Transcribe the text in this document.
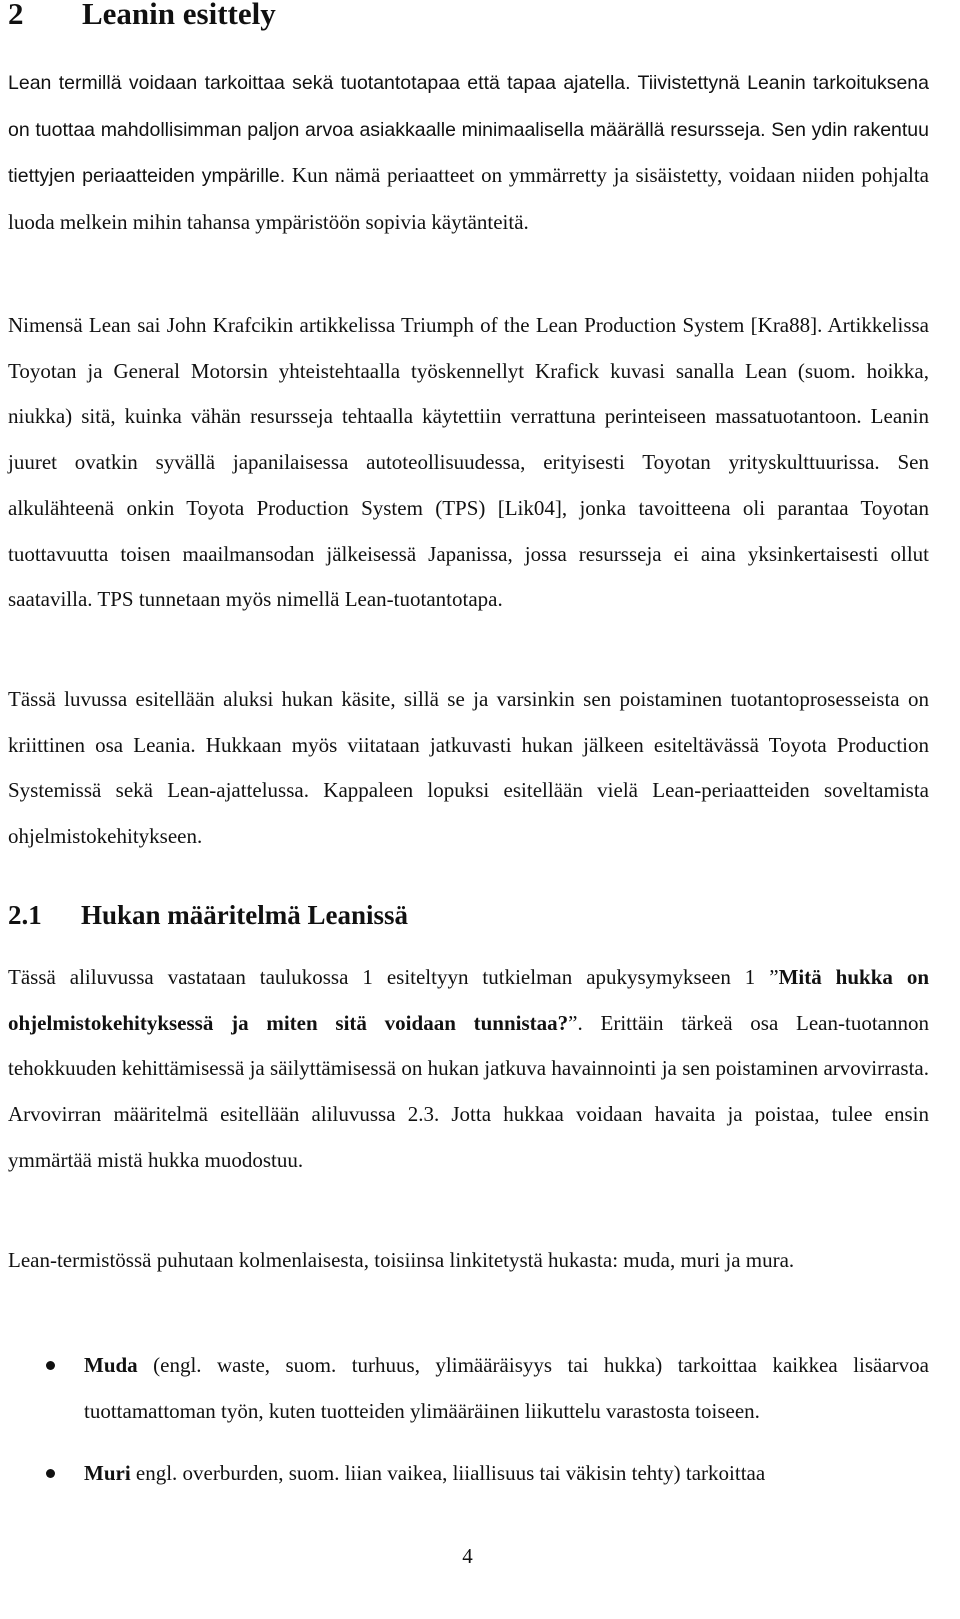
2 Leanin esittely

Lean termillä voidaan tarkoittaa sekä tuotantotapaa että tapaa ajatella. Tiivistettynä Leanin tarkoituksena on tuottaa mahdollisimman paljon arvoa asiakkaalle minimaalisella määrällä resursseja. Sen ydin rakentuu tiettyjen periaatteiden ympärille. Kun nämä periaatteet on ymmärretty ja sisäistetty, voidaan niiden pohjalta luoda melkein mihin tahansa ympäristöön sopivia käytänteitä.

Nimensä Lean sai John Krafcikin artikkelissa Triumph of the Lean Production System [Kra88]. Artikkelissa Toyotan ja General Motorsin yhteistehtaalla työskennellyt Krafick kuvasi sanalla Lean (suom. hoikka, niukka) sitä, kuinka vähän resursseja tehtaalla käytettiin verrattuna perinteiseen massatuotantoon. Leanin juuret ovatkin syvällä japanilaisessa autoteollisuudessa, erityisesti Toyotan yrityskulttuurissa. Sen alkulähteenä onkin Toyota Production System (TPS) [Lik04], jonka tavoitteena oli parantaa Toyotan tuottavuutta toisen maailmansodan jälkeisessä Japanissa, jossa resursseja ei aina yksinkertaisesti ollut saatavilla. TPS tunnetaan myös nimellä Lean-tuotantotapa.

Tässä luvussa esitellään aluksi hukan käsite, sillä se ja varsinkin sen poistaminen tuotantoprosesseista on kriittinen osa Leania. Hukkaan myös viitataan jatkuvasti hukan jälkeen esiteltävässä Toyota Production Systemissä sekä Lean-ajattelussa. Kappaleen lopuksi esitellään vielä Lean-periaatteiden soveltamista ohjelmistokehitykseen.

2.1 Hukan määritelmä Leanissä

Tässä aliluvussa vastataan taulukossa 1 esiteltyyn tutkielman apukysymykseen 1 ”Mitä hukka on ohjelmistokehityksessä ja miten sitä voidaan tunnistaa?”. Erittäin tärkeä osa Lean-tuotannon tehokkuuden kehittämisessä ja säilyttämisessä on hukan jatkuva havainnointi ja sen poistaminen arvovirrasta. Arvovirran määritelmä esitellään aliluvussa 2.3. Jotta hukkaa voidaan havaita ja poistaa, tulee ensin ymmärtää mistä hukka muodostuu.

Lean-termistössä puhutaan kolmenlaisesta, toisiinsa linkitetystä hukasta: muda, muri ja mura.

Muda (engl. waste, suom. turhuus, ylimääräisyys tai hukka) tarkoittaa kaikkea lisäarvoa tuottamattoman työn, kuten tuotteiden ylimääräinen liikuttelu varastosta toiseen.
Muri engl. overburden, suom. liian vaikea, liiallisuus tai väkisin tehty) tarkoittaa
4
